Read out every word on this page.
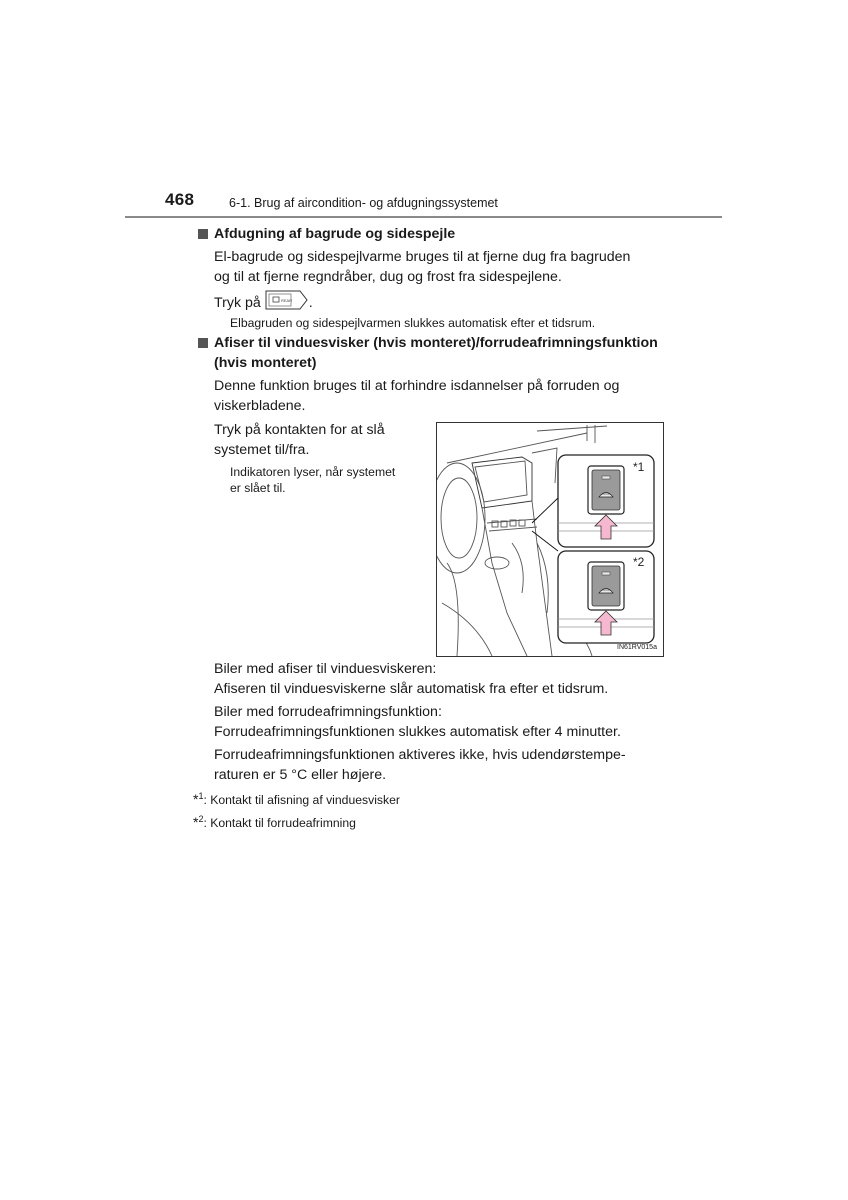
468	6-1. Brug af aircondition- og afdugningssystemet
Afdugning af bagrude og sidespejle
El-bagrude og sidespejlvarme bruges til at fjerne dug fra bagruden
og til at fjerne regndråber, dug og frost fra sidespejlene.
Tryk på	REAR .
Elbagruden og sidespejlvarmen slukkes automatisk efter et tidsrum.
Afiser til vinduesvisker (hvis monteret)/forrudeafrimningsfunktion
(hvis monteret)
Denne funktion bruges til at forhindre isdannelser på forruden og
viskerbladene.
Tryk på kontakten for at slå
systemet til/fra.
Indikatoren lyser, når systemet
er slået til.
*1
*2
IN61RV015a
Biler med afiser til vinduesviskeren:
Afiseren til vinduesviskerne slår automatisk fra efter et tidsrum.
Biler med forrudeafrimningsfunktion:
Forrudeafrimningsfunktionen slukkes automatisk efter 4 minutter.
Forrudeafrimningsfunktionen aktiveres ikke, hvis udendørstempe-
raturen er 5 °C eller højere.
*$^1$: Kontakt til afisning af vinduesvisker
*$^2$: Kontakt til forrudeafrimning
